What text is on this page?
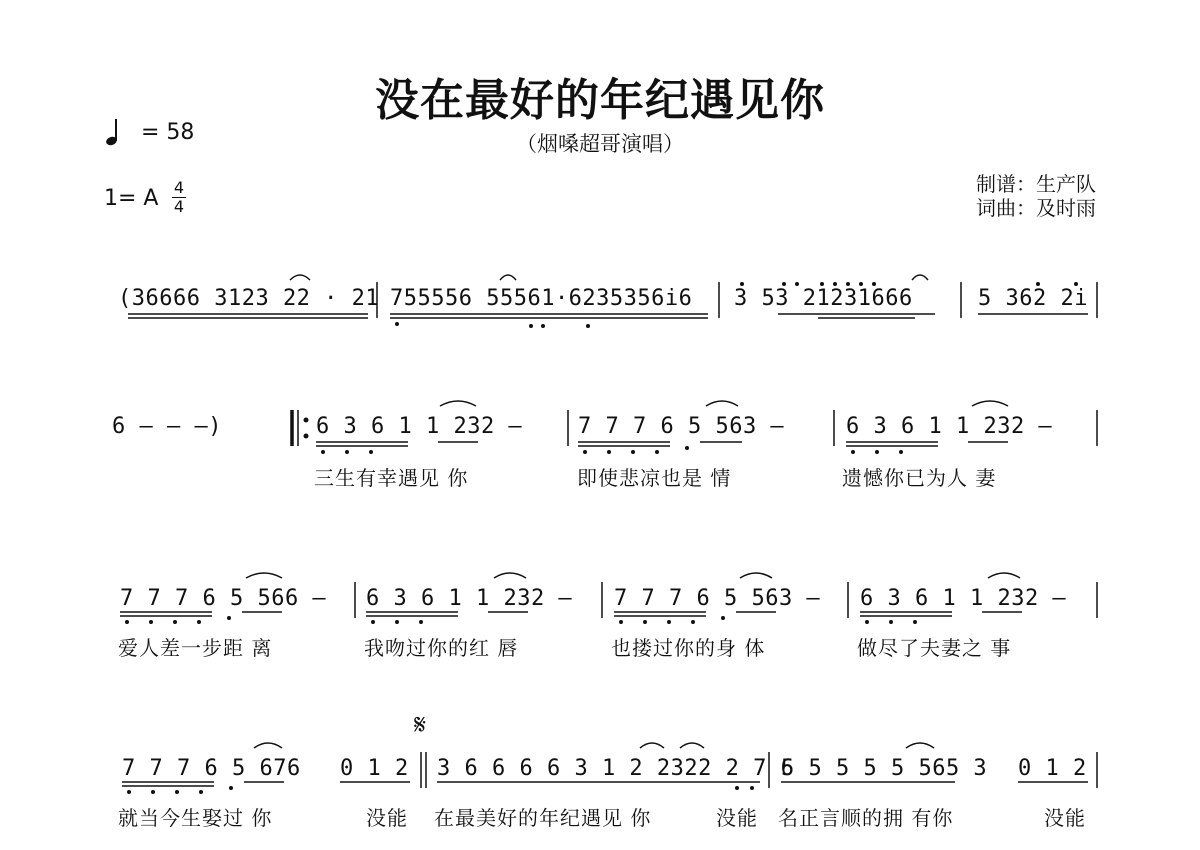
没在最好的年纪遇见你
（烟嗓超哥演唱）
制谱：生产队
词曲：及时雨
= 58
1= A 4
4
(36666 3123 22 · 21 755556 55561·6235356i6 3 53 21231666	5 362 2i
6 – – –)	6 3 6 1 1 232 –	7 7 7 6 5 563 –	6 3 6 1 1 232 –
三生有幸遇见 你	即使悲凉也是 情	遗憾你已为人 妻
7 7 7 6 5 566 – 6 3 6 1 1 232 – 7 7 7 6 5 563 – 6 3 6 1 1 232 –
爱人差一步距 离	我吻过你的红 唇	也搂过你的身 体	做尽了夫妻之 事
𝄋
7 7 7 6 5 676 0 1 2 3 6 6 6 6 3 1 2 2322 2 7 6
5 5 5 5 5 565 3 0 1 2
就当今生娶过 你	没能 在最美好的年纪遇见 你	没能 名正言顺的拥 有你	没能
